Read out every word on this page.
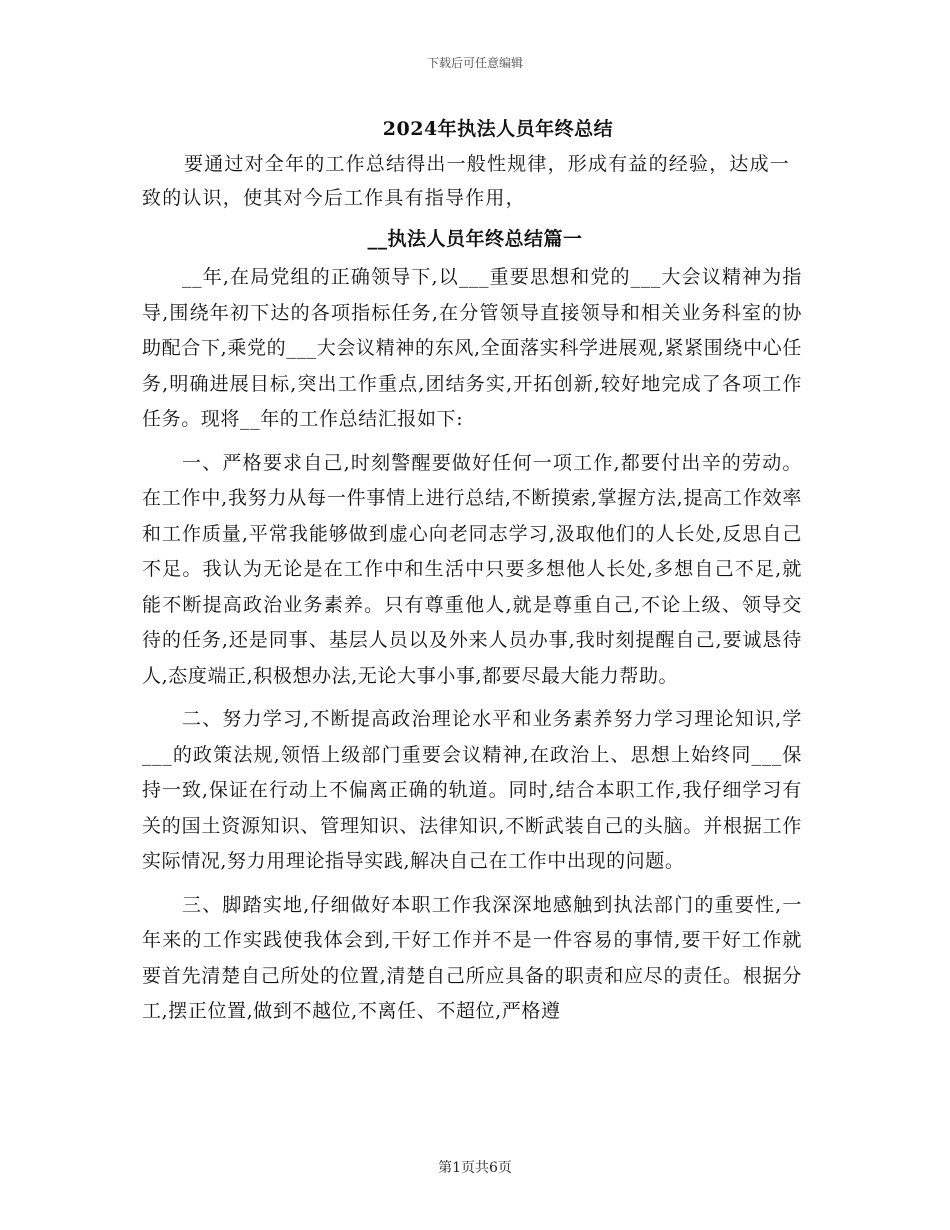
下载后可任意编辑
2024年执法人员年终总结

要通过对全年的工作总结得出一般性规律，形成有益的经验，达成一致的认识，使其对今后工作具有指导作用，

__执法人员年终总结篇一

__年,在局党组的正确领导下,以___重要思想和党的___大会议精神为指导,围绕年初下达的各项指标任务,在分管领导直接领导和相关业务科室的协助配合下,乘党的___大会议精神的东风,全面落实科学进展观,紧紧围绕中心任务,明确进展目标,突出工作重点,团结务实,开拓创新,较好地完成了各项工作任务。现将__年的工作总结汇报如下:

一、严格要求自己,时刻警醒要做好任何一项工作,都要付出辛的劳动。在工作中,我努力从每一件事情上进行总结,不断摸索,掌握方法,提高工作效率和工作质量,平常我能够做到虚心向老同志学习,汲取他们的人长处,反思自己不足。我认为无论是在工作中和生活中只要多想他人长处,多想自己不足,就能不断提高政治业务素养。只有尊重他人,就是尊重自己,不论上级、领导交待的任务,还是同事、基层人员以及外来人员办事,我时刻提醒自己,要诚恳待人,态度端正,积极想办法,无论大事小事,都要尽最大能力帮助。

二、努力学习,不断提高政治理论水平和业务素养努力学习理论知识,学___的政策法规,领悟上级部门重要会议精神,在政治上、思想上始终同___保持一致,保证在行动上不偏离正确的轨道。同时,结合本职工作,我仔细学习有关的国土资源知识、管理知识、法律知识,不断武装自己的头脑。并根据工作实际情况,努力用理论指导实践,解决自己在工作中出现的问题。

三、脚踏实地,仔细做好本职工作我深深地感触到执法部门的重要性,一年来的工作实践使我体会到,干好工作并不是一件容易的事情,要干好工作就要首先清楚自己所处的位置,清楚自己所应具备的职责和应尽的责任。根据分工,摆正位置,做到不越位,不离任、不超位,严格遵

第1页共6页
